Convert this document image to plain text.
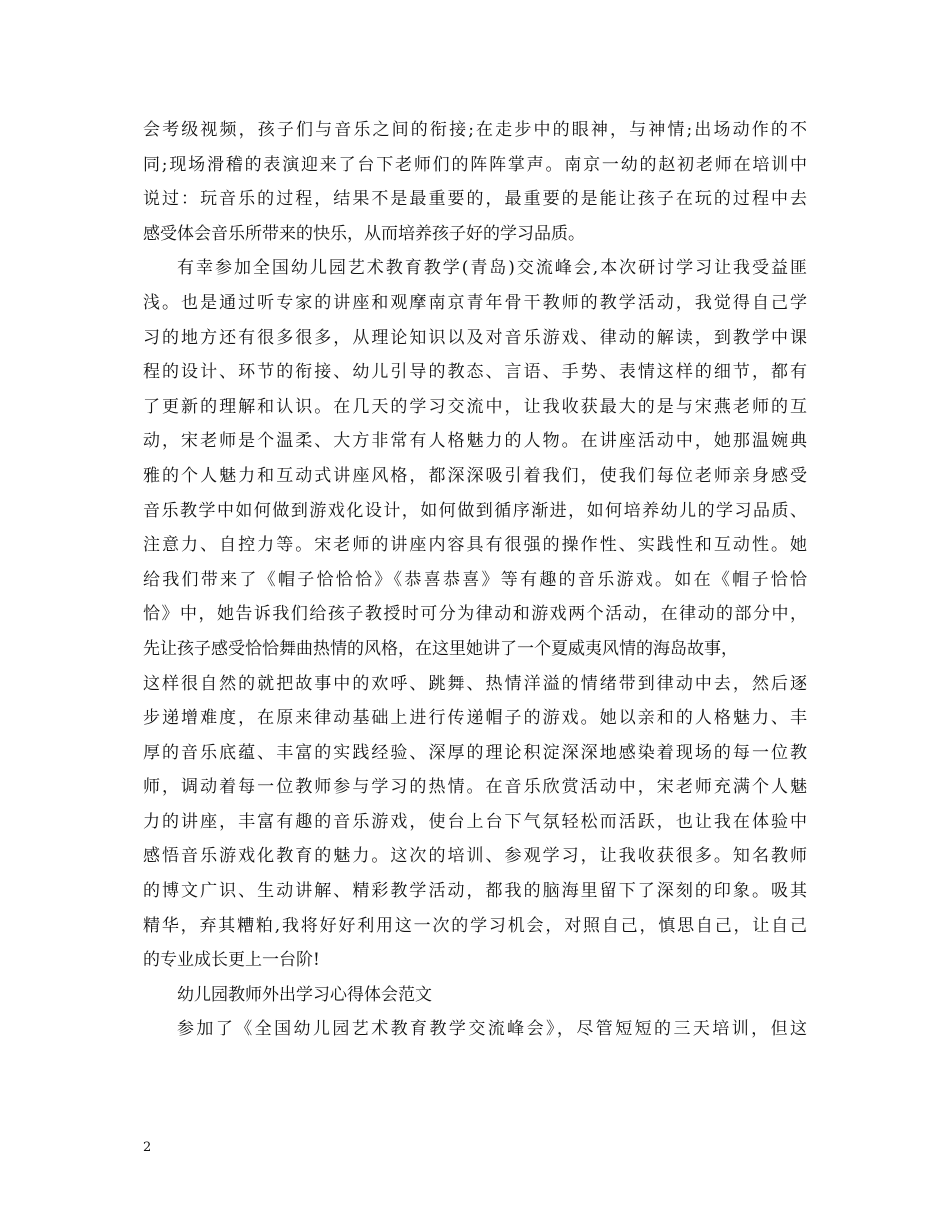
会考级视频，孩子们与音乐之间的衔接;在走步中的眼神，与神情;出场动作的不
同;现场滑稽的表演迎来了台下老师们的阵阵掌声。南京一幼的赵初老师在培训中
说过：玩音乐的过程，结果不是最重要的，最重要的是能让孩子在玩的过程中去
感受体会音乐所带来的快乐，从而培养孩子好的学习品质。
有幸参加全国幼儿园艺术教育教学(青岛)交流峰会,本次研讨学习让我受益匪
浅。也是通过听专家的讲座和观摩南京青年骨干教师的教学活动，我觉得自己学
习的地方还有很多很多，从理论知识以及对音乐游戏、律动的解读，到教学中课
程的设计、环节的衔接、幼儿引导的教态、言语、手势、表情这样的细节，都有
了更新的理解和认识。在几天的学习交流中，让我收获最大的是与宋燕老师的互
动，宋老师是个温柔、大方非常有人格魅力的人物。在讲座活动中，她那温婉典
雅的个人魅力和互动式讲座风格，都深深吸引着我们，使我们每位老师亲身感受
音乐教学中如何做到游戏化设计，如何做到循序渐进，如何培养幼儿的学习品质、
注意力、自控力等。宋老师的讲座内容具有很强的操作性、实践性和互动性。她
给我们带来了《帽子恰恰恰》《恭喜恭喜》等有趣的音乐游戏。如在《帽子恰恰
恰》中，她告诉我们给孩子教授时可分为律动和游戏两个活动，在律动的部分中，
先让孩子感受恰恰舞曲热情的风格，在这里她讲了一个夏威夷风情的海岛故事，
这样很自然的就把故事中的欢呼、跳舞、热情洋溢的情绪带到律动中去，然后逐
步递增难度，在原来律动基础上进行传递帽子的游戏。她以亲和的人格魅力、丰
厚的音乐底蕴、丰富的实践经验、深厚的理论积淀深深地感染着现场的每一位教
师，调动着每一位教师参与学习的热情。在音乐欣赏活动中，宋老师充满个人魅
力的讲座，丰富有趣的音乐游戏，使台上台下气氛轻松而活跃，也让我在体验中
感悟音乐游戏化教育的魅力。这次的培训、参观学习，让我收获很多。知名教师
的博文广识、生动讲解、精彩教学活动，都我的脑海里留下了深刻的印象。吸其
精华，弃其糟粕,我将好好利用这一次的学习机会，对照自己，慎思自己，让自己
的专业成长更上一台阶!
幼儿园教师外出学习心得体会范文
参加了《全国幼儿园艺术教育教学交流峰会》，尽管短短的三天培训，但这
2
